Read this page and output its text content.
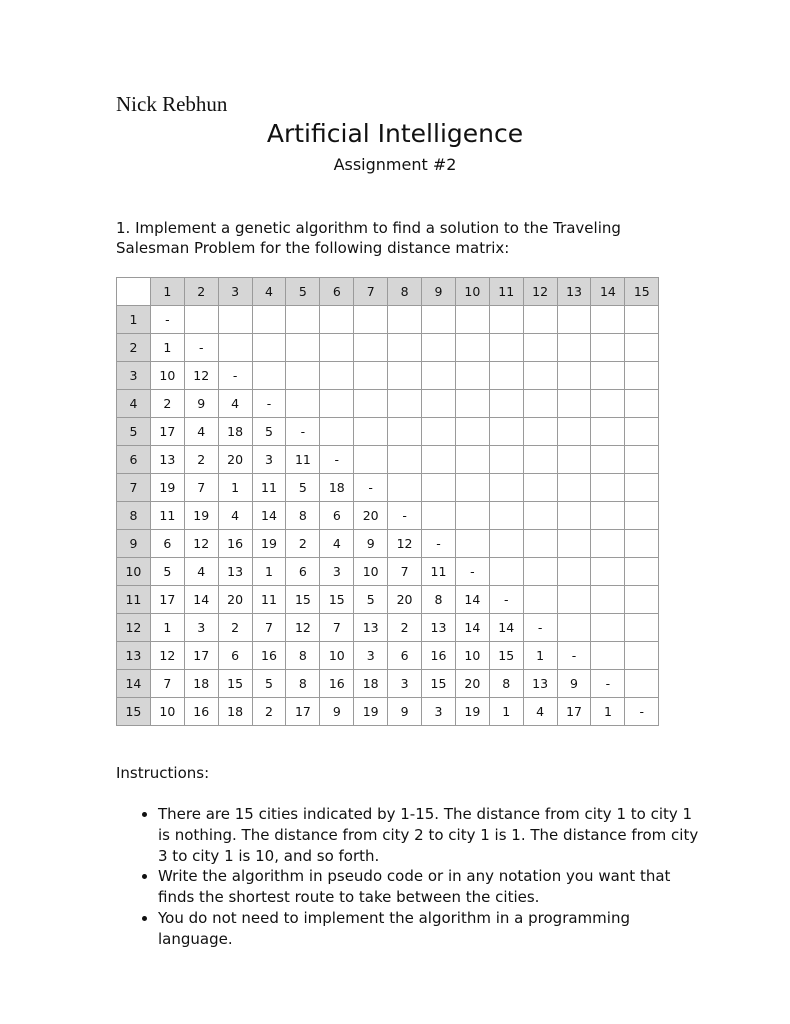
Nick Rebhun
Artificial Intelligence
Assignment #2
1. Implement a genetic algorithm to find a solution to the Traveling Salesman Problem for the following distance matrix:
	1	2	3	4	5	6	7	8	9	10	11	12	13	14	15
1	-														
2	1	-													
3	10	12	-												
4	2	9	4	-											
5	17	4	18	5	-										
6	13	2	20	3	11	-									
7	19	7	1	11	5	18	-								
8	11	19	4	14	8	6	20	-							
9	6	12	16	19	2	4	9	12	-						
10	5	4	13	1	6	3	10	7	11	-					
11	17	14	20	11	15	15	5	20	8	14	-				
12	1	3	2	7	12	7	13	2	13	14	14	-			
13	12	17	6	16	8	10	3	6	16	10	15	1	-		
14	7	18	15	5	8	16	18	3	15	20	8	13	9	-	
15	10	16	18	2	17	9	19	9	3	19	1	4	17	1	-
Instructions:
• There are 15 cities indicated by 1-15. The distance from city 1 to city 1 is nothing. The distance from city 2 to city 1 is 1. The distance from city 3 to city 1 is 10, and so forth.
• Write the algorithm in pseudo code or in any notation you want that finds the shortest route to take between the cities.
• You do not need to implement the algorithm in a programming language.
